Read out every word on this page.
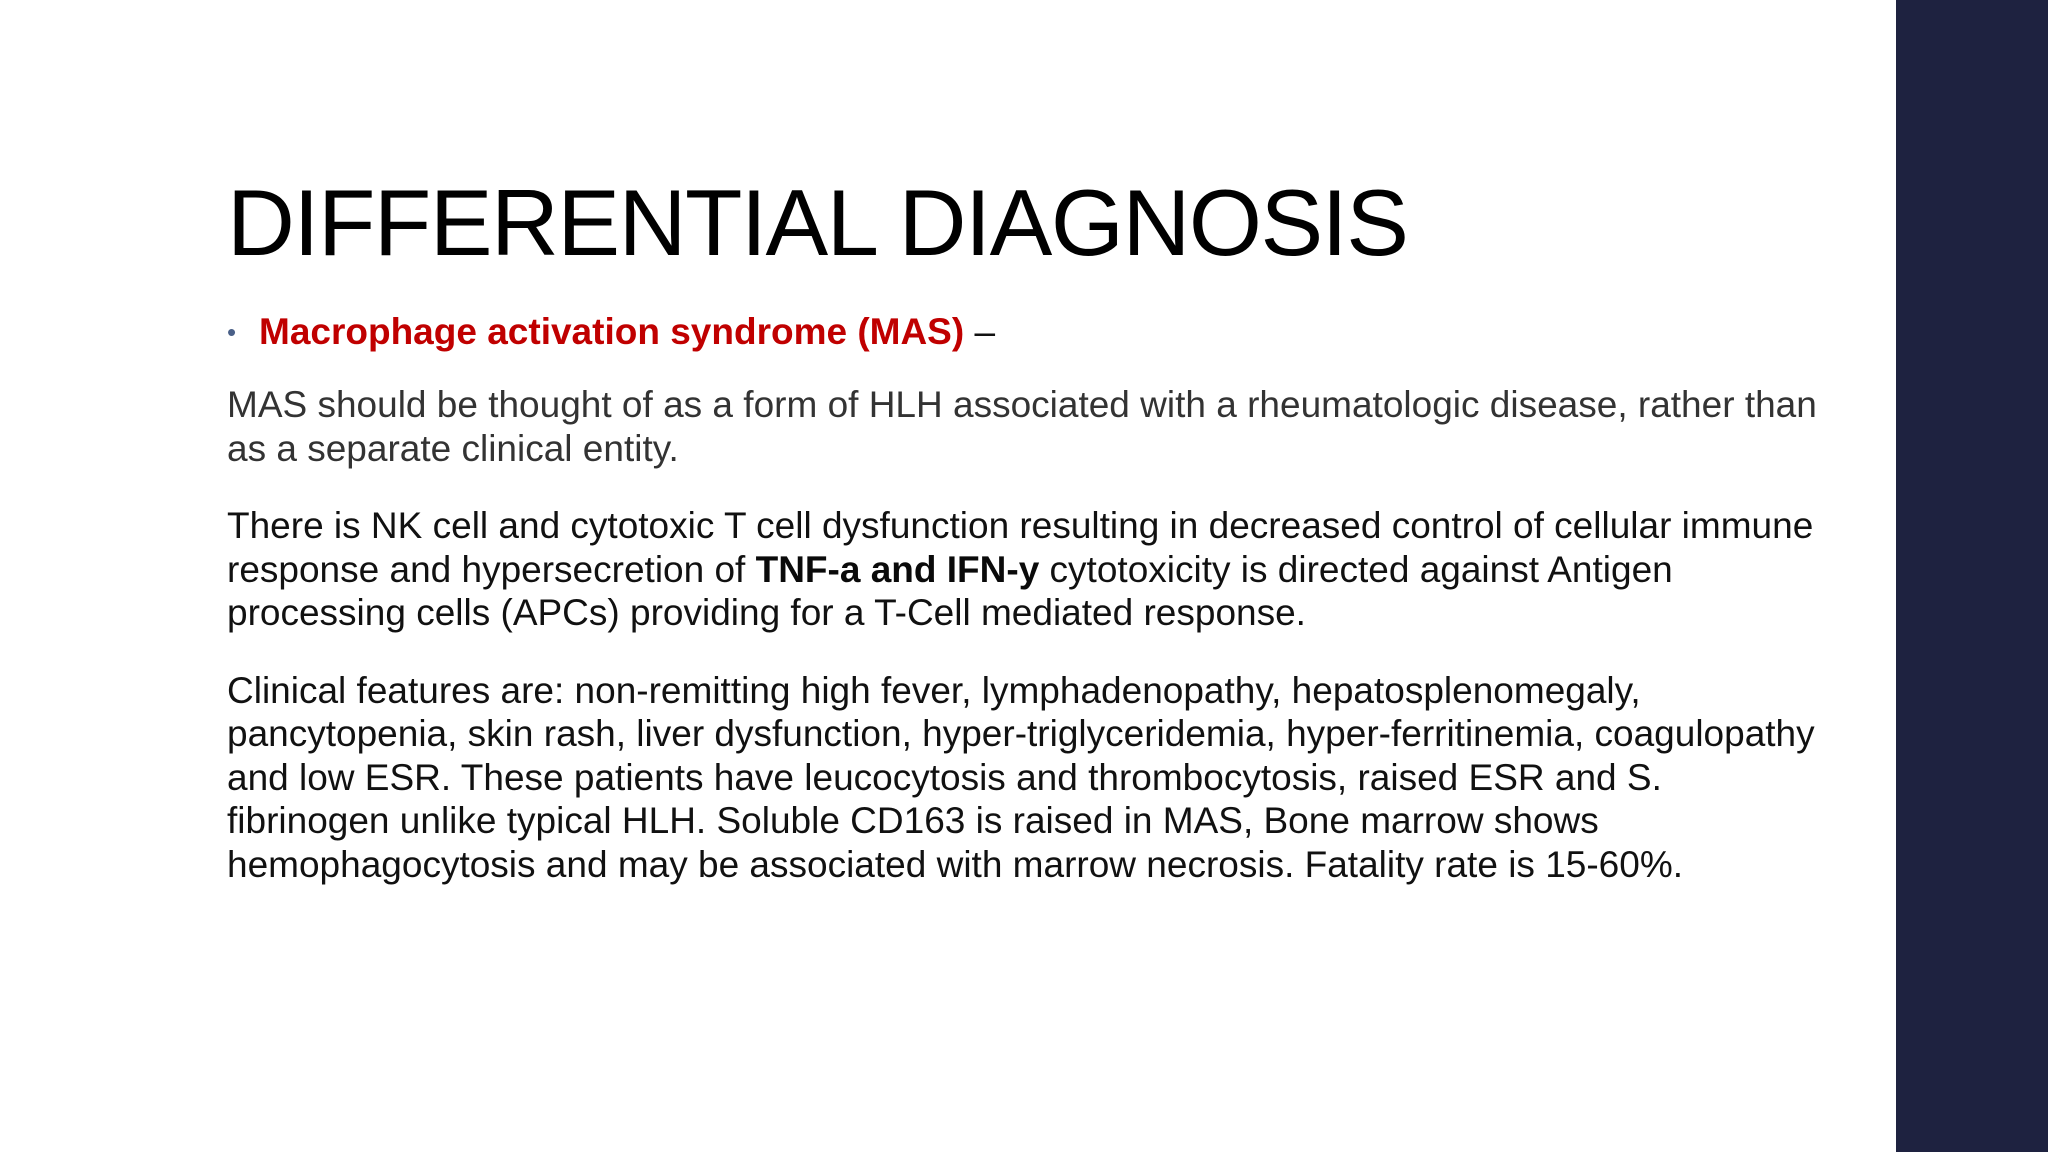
DIFFERENTIAL DIAGNOSIS

• Macrophage activation syndrome (MAS) –

MAS should be thought of as a form of HLH associated with a rheumatologic disease, rather than as a separate clinical entity.

There is NK cell and cytotoxic T cell dysfunction resulting in decreased control of cellular immune response and hypersecretion of TNF-a and IFN-y cytotoxicity is directed against Antigen processing cells (APCs) providing for a T-Cell mediated response.

Clinical features are: non-remitting high fever, lymphadenopathy, hepatosplenomegaly, pancytopenia, skin rash, liver dysfunction, hyper-triglyceridemia, hyper-ferritinemia, coagulopathy and low ESR. These patients have leucocytosis and thrombocytosis, raised ESR and S. fibrinogen unlike typical HLH. Soluble CD163 is raised in MAS, Bone marrow shows hemophagocytosis and may be associated with marrow necrosis. Fatality rate is 15-60%.
